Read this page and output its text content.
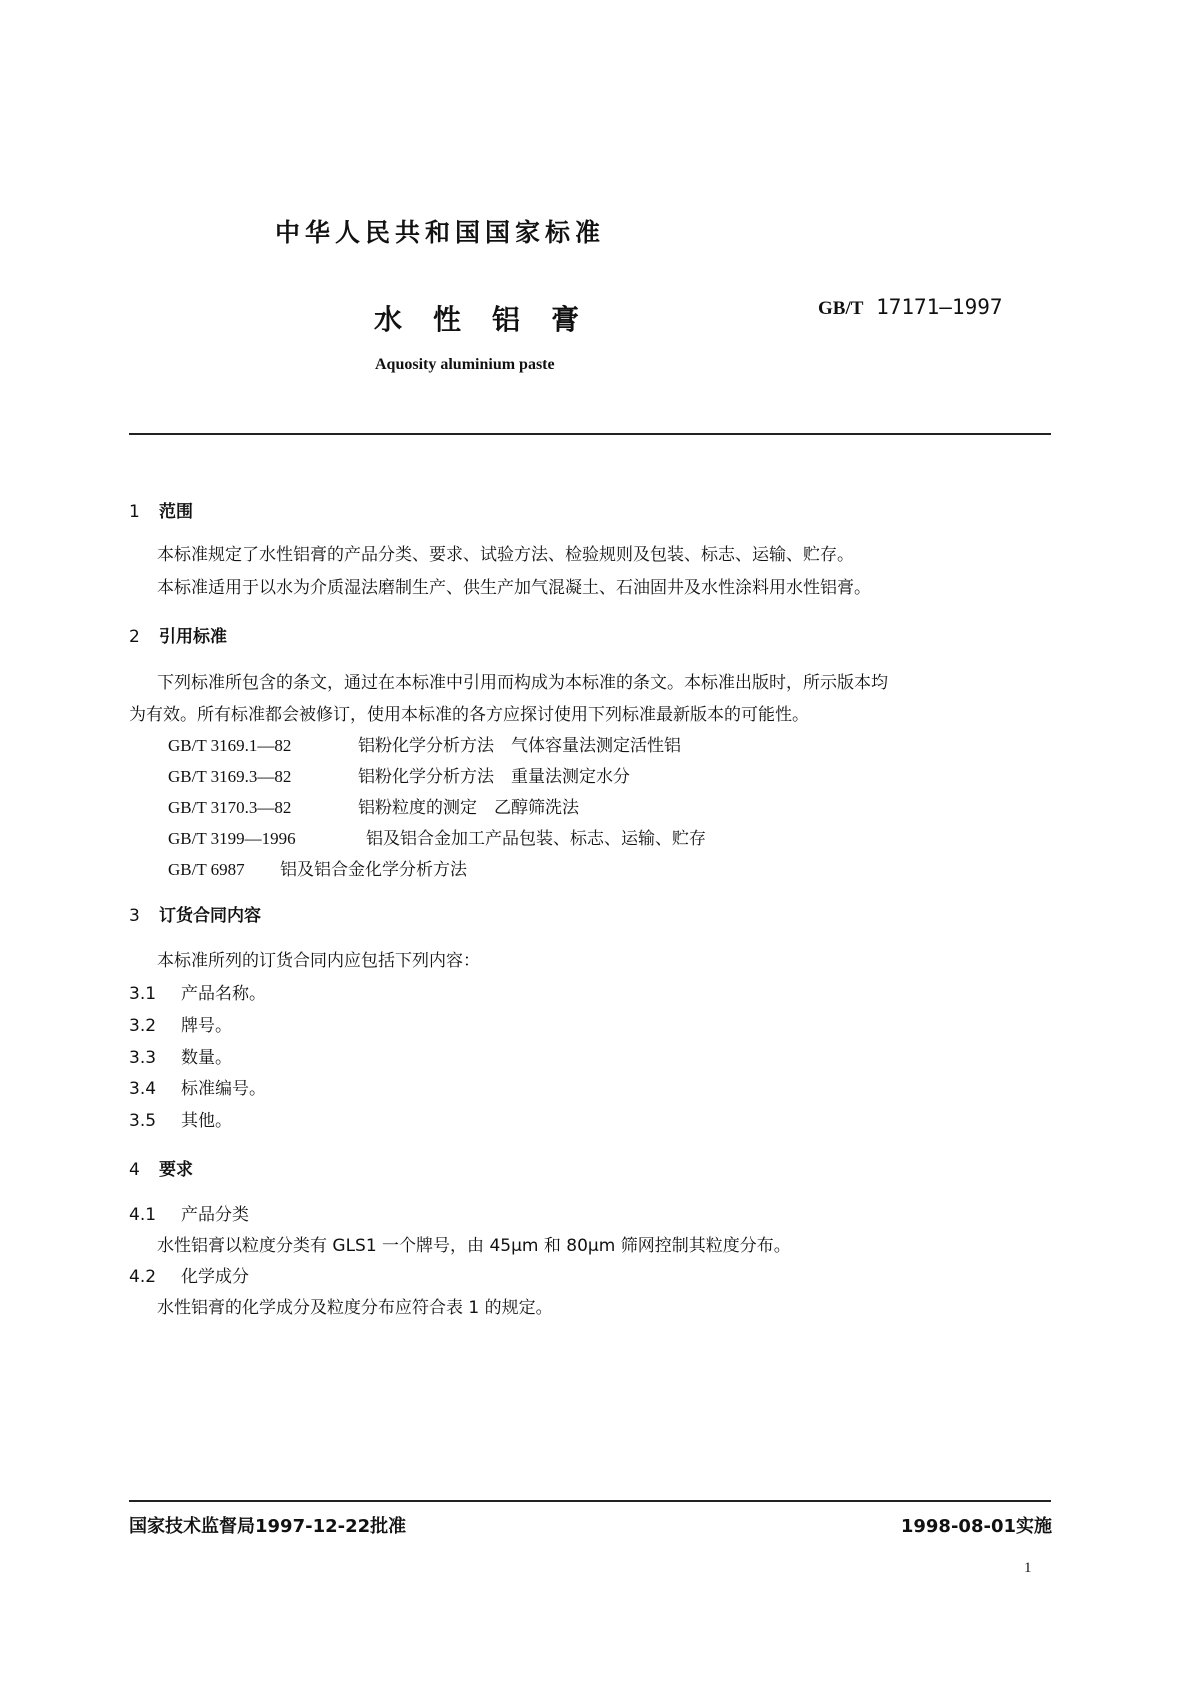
中华人民共和国国家标准
水性铝膏	GB/T 17171—1997
Aquosity aluminium paste
1 范围
本标准规定了水性铝膏的产品分类、要求、试验方法、检验规则及包装、标志、运输、贮存。
本标准适用于以水为介质湿法磨制生产、供生产加气混凝土、石油固井及水性涂料用水性铝膏。
2 引用标准
下列标准所包含的条文，通过在本标准中引用而构成为本标准的条文。本标准出版时，所示版本均
为有效。所有标准都会被修订，使用本标准的各方应探讨使用下列标准最新版本的可能性。
GB/T 3169.1—82	铝粉化学分析方法　气体容量法测定活性铝
GB/T 3169.3—82	铝粉化学分析方法　重量法测定水分
GB/T 3170.3—82	铝粉粒度的测定　乙醇筛洗法
GB/T 3199—1996	铝及铝合金加工产品包装、标志、运输、贮存
GB/T 6987 铝及铝合金化学分析方法
3 订货合同内容
本标准所列的订货合同内应包括下列内容：
3.1 产品名称。
3.2 牌号。
3.3 数量。
3.4 标准编号。
3.5 其他。
4 要求
4.1 产品分类
水性铝膏以粒度分类有 GLS1 一个牌号，由 45μm 和 80μm 筛网控制其粒度分布。
4.2 化学成分
水性铝膏的化学成分及粒度分布应符合表 1 的规定。
国家技术监督局1997-12-22批准	1998-08-01实施
1
